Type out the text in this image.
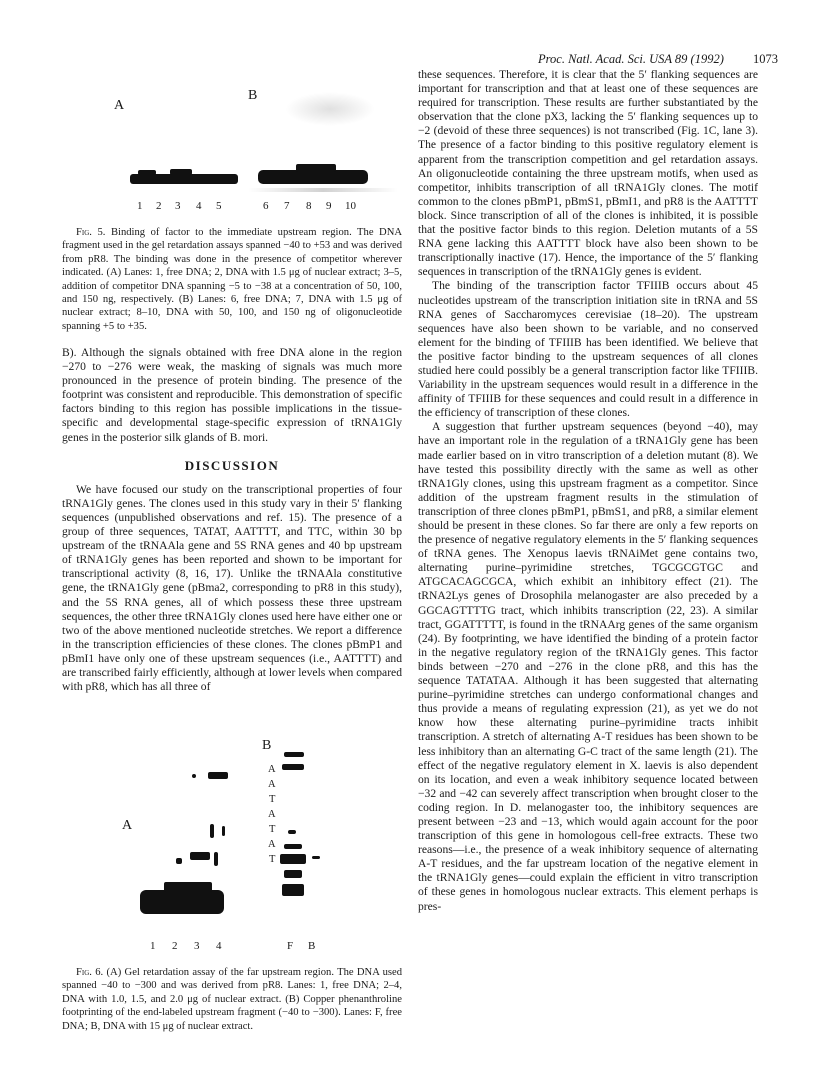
Proc. Natl. Acad. Sci. USA 89 (1992) 1073
A
B
1 2 3 4 5	6 7 8 9 10

Fig. 5. Binding of factor to the immediate upstream region. The DNA fragment used in the gel retardation assays spanned −40 to +53 and was derived from pR8. The binding was done in the presence of competitor wherever indicated. (A) Lanes: 1, free DNA; 2, DNA with 1.5 μg of nuclear extract; 3–5, addition of competitor DNA spanning −5 to −38 at a concentration of 50, 100, and 150 ng, respectively. (B) Lanes: 6, free DNA; 7, DNA with 1.5 μg of nuclear extract; 8–10, DNA with 50, 100, and 150 ng of oligonucleotide spanning +5 to +35.

B). Although the signals obtained with free DNA alone in the region −270 to −276 were weak, the masking of signals was much more pronounced in the presence of protein binding. The presence of the footprint was consistent and reproducible. This demonstration of specific factors binding to this region has possible implications in the tissue-specific and developmental stage-specific expression of tRNA1Gly genes in the posterior silk glands of B. mori.

DISCUSSION

We have focused our study on the transcriptional properties of four tRNA1Gly genes. The clones used in this study vary in their 5′ flanking sequences (unpublished observations and ref. 15). The presence of a group of three sequences, TATAT, AATTTT, and TTC, within 30 bp upstream of the tRNAAla gene and 5S RNA genes and 40 bp upstream of tRNA1Gly genes has been reported and shown to be important for transcriptional activity (8, 16, 17). Unlike the tRNAAla constitutive gene, the tRNA1Gly gene (pBma2, corresponding to pR8 in this study), and the 5S RNA genes, all of which possess these three upstream sequences, the other three tRNA1Gly clones used here have either one or two of the above mentioned nucleotide stretches. We report a difference in the transcription efficiencies of these clones. The clones pBmP1 and pBmI1 have only one of these upstream sequences (i.e., AATTTT) and are transcribed fairly efficiently, although at lower levels when compared with pR8, which has all three of

A
B
A
A
T
A
T
A
T
1 2 3 4	F B
Fig. 6. (A) Gel retardation assay of the far upstream region. The DNA used spanned −40 to −300 and was derived from pR8. Lanes: 1, free DNA; 2–4, DNA with 1.0, 1.5, and 2.0 μg of nuclear extract. (B) Copper phenanthroline footprinting of the end-labeled upstream fragment (−40 to −300). Lanes: F, free DNA; B, DNA with 15 μg of nuclear extract.

these sequences. Therefore, it is clear that the 5′ flanking sequences are important for transcription and that at least one of these sequences are required for transcription. These results are further substantiated by the observation that the clone pX3, lacking the 5′ flanking sequences up to −2 (devoid of these three sequences) is not transcribed (Fig. 1C, lane 3). The presence of a factor binding to this positive regulatory element is apparent from the transcription competition and gel retardation assays. An oligonucleotide containing the three upstream motifs, when used as competitor, inhibits transcription of all tRNA1Gly clones. The motif common to the clones pBmP1, pBmS1, pBmI1, and pR8 is the AATTTT block. Since transcription of all of the clones is inhibited, it is possible that the positive factor binds to this region. Deletion mutants of a 5S RNA gene lacking this AATTTT block have also been shown to be transcriptionally inactive (17). Hence, the importance of the 5′ flanking sequences in transcription of the tRNA1Gly genes is evident.

The binding of the transcription factor TFIIIB occurs about 45 nucleotides upstream of the transcription initiation site in tRNA and 5S RNA genes of Saccharomyces cerevisiae (18–20). The upstream sequences have also been shown to be variable, and no conserved element for the binding of TFIIIB has been identified. We believe that the positive factor binding to the upstream sequences of all clones studied here could possibly be a general transcription factor like TFIIIB. Variability in the upstream sequences would result in a difference in the affinity of TFIIIB for these sequences and could result in a difference in the efficiency of transcription of these clones.

A suggestion that further upstream sequences (beyond −40), may have an important role in the regulation of a tRNA1Gly gene has been made earlier based on in vitro transcription of a deletion mutant (8). We have tested this possibility directly with the same as well as other tRNA1Gly clones, using this upstream fragment as a competitor. Since addition of the upstream fragment results in the stimulation of transcription of three clones pBmP1, pBmS1, and pR8, a similar element should be present in these clones. So far there are only a few reports on the presence of negative regulatory elements in the 5′ flanking sequences of tRNA genes. The Xenopus laevis tRNAiMet gene contains two, alternating purine–pyrimidine stretches, TGCGCGTGC and ATGCACAGCGCA, which exhibit an inhibitory effect (21). The tRNA2Lys genes of Drosophila melanogaster are also preceded by a GGCAGTTTTG tract, which inhibits transcription (22, 23). A similar tract, GGATTTTT, is found in the tRNAArg genes of the same organism (24). By footprinting, we have identified the binding of a protein factor in the negative regulatory region of the tRNA1Gly genes. This factor binds between −270 and −276 in the clone pR8, and this has the sequence TATATAA. Although it has been suggested that alternating purine–pyrimidine stretches can undergo conformational changes and thus provide a means of regulating expression (21), as yet we do not know how these alternating purine–pyrimidine tracts inhibit transcription. A stretch of alternating A-T residues has been shown to be less inhibitory than an alternating G-C tract of the same length (21). The effect of the negative regulatory element in X. laevis is also dependent on its location, and even a weak inhibitory sequence located between −32 and −42 can severely affect transcription when brought closer to the coding region. In D. melanogaster too, the inhibitory sequences are present between −23 and −13, which would again account for the poor transcription of this gene in homologous cell-free extracts. These two reasons—i.e., the presence of a weak inhibitory sequence of alternating A-T residues, and the far upstream location of the negative element in the tRNA1Gly genes—could explain the efficient in vitro transcription of these genes in homologous nuclear extracts. This element perhaps is pres-
